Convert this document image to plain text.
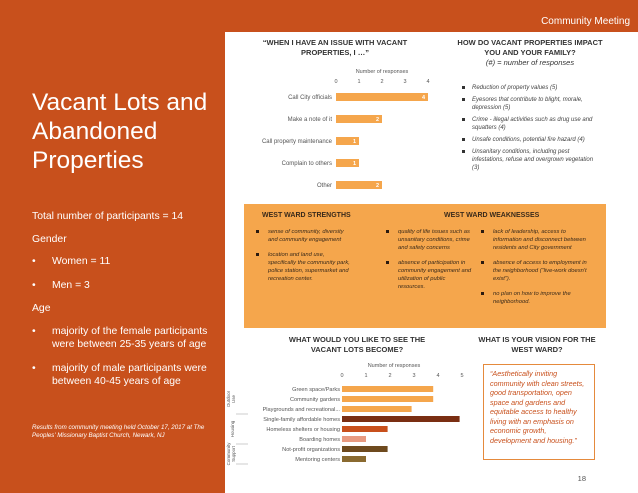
Vacant Lots and Abandoned Properties
Total number of participants = 14
Gender
• Women = 11
• Men = 3
Age
• majority of the female participants were between 25-35 years of age
• majority of male participants were between 40-45 years of age
Results from community meeting held October 17, 2017 at The Peoples' Missionary Baptist Church, Newark, NJ
Community Meeting
“WHEN I HAVE AN ISSUE WITH VACANT PROPERTIES, I …”
Number of responses
0	1	2	3	4
Call City officials	4
Make a note of it	2
Call property maintenance	1
Complain to others	1
Other	2
HOW DO VACANT PROPERTIES IMPACT YOU AND YOUR FAMILY?
(#) = number of responses
Reduction of property values (5)
Eyesores that contribute to blight, morale, depression (5)
Crime - illegal activities such as drug use and squatters (4)
Unsafe conditions, potential fire hazard (4)
Unsanitary conditions, including pest infestations, refuse and overgrown vegetation (3)
WEST WARD STRENGTHS	WEST WARD WEAKNESSES
sense of community, diversity and community engagement
location and land use, specifically the community park, police station, supermarket and recreation center.
quality of life issues such as unsanitary conditions, crime and safety concerns
absence of participation in community engagement and utilization of public resources.
lack of leadership, access to information and disconnect between residents and City government
absence of access to employment in the neighborhood (“live-work doesn't exist”).
no plan on how to improve the neighborhood.
WHAT WOULD YOU LIKE TO SEE THE VACANT LOTS BECOME?
Number of responses
0	1	2	3	4	5
OutdoorUse
Housing
CommunitySupport
Green space/Parks
Community gardens
Playgrounds and recreational...
Single-family affordable homes
Homeless shelters or housing
Boarding homes
Not-profit organizations
Mentoring centers
WHAT IS YOUR VISION FOR THE WEST WARD?
“Aesthetically inviting community with clean streets, good transportation, open space and gardens and equitable access to healthy living with an emphasis on economic growth, development and housing.”
18
